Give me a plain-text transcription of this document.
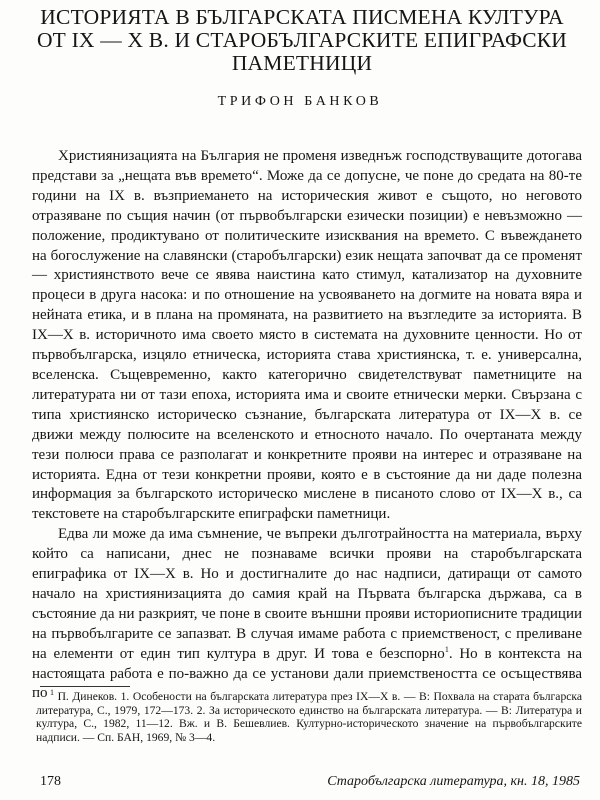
ИСТОРИЯТА В БЪЛГАРСКАТА ПИСМЕНА КУЛТУРА
ОТ IX — X В. И СТАРОБЪЛГАРСКИТЕ ЕПИГРАФСКИ
ПАМЕТНИЦИ
ТРИФОН БАНКОВ

Християнизацията на България не променя изведнъж господствуващите дотогава представи за „нещата във времето“. Може да се допусне, че поне до средата на 80-те години на IX в. възприемането на историческия живот е същото, но неговото отразяване по същия начин (от първобългарски езически позиции) е невъзможно — положение, продиктувано от политическите изисквания на времето. С въвеждането на богослужение на славянски (старобългарски) език нещата започват да се променят — християнството вече се явява наистина като стимул, катализатор на духовните процеси в друга насока: и по отношение на усвояването на догмите на новата вяра и нейната етика, и в плана на промяната, на развитието на възгледите за историята. В IX—X в. историчното има своето място в системата на духовните ценности. Но от първобългарска, изцяло етническа, историята става християнска, т. е. универсална, вселенска. Същевременно, както категорично свидетелствуват паметниците на литературата ни от тази епоха, историята има и своите етнически мерки. Свързана с типа християнско историческо съзнание, българската литература от IX—X в. се движи между полюсите на вселенското и етносното начало. По очертаната между тези полюси права се разполагат и конкретните прояви на интерес и отразяване на историята. Една от тези конкретни прояви, която е в състояние да ни даде полезна информация за българското историческо мислене в писаното слово от IX—X в., са текстовете на старобългарските епиграфски паметници.

Едва ли може да има съмнение, че въпреки дълготрайността на материала, върху който са написани, днес не познаваме всички прояви на старобългарската епиграфика от IX—X в. Но и достигналите до нас надписи, датиращи от самото начало на християнизацията до самия край на Първата българска държава, са в състояние да ни разкрият, че поне в своите външни прояви историописните традиции на първобългарите се запазват. В случая имаме работа с приемственост, с преливане на елементи от един тип култура в друг. И това е безспорно$^1$. Но в контекста на настоящата работа е по-важно да се установи дали приемствеността се осъществява по $^1$ П. Динеков. 1. Особености на българската литература през IX—X в. — В: Похвала на старата българска литература, С., 1979, 172—173. 2. За историческото единство на българската литература. — В: Литература и култура, С., 1982, 11—12. Вж. и В. Бешевлиев. Културно-историческото значение на първобългарските надписи. — Сп. БАН, 1969, № 3—4.

178	Старобългарска литература, кн. 18, 1985
